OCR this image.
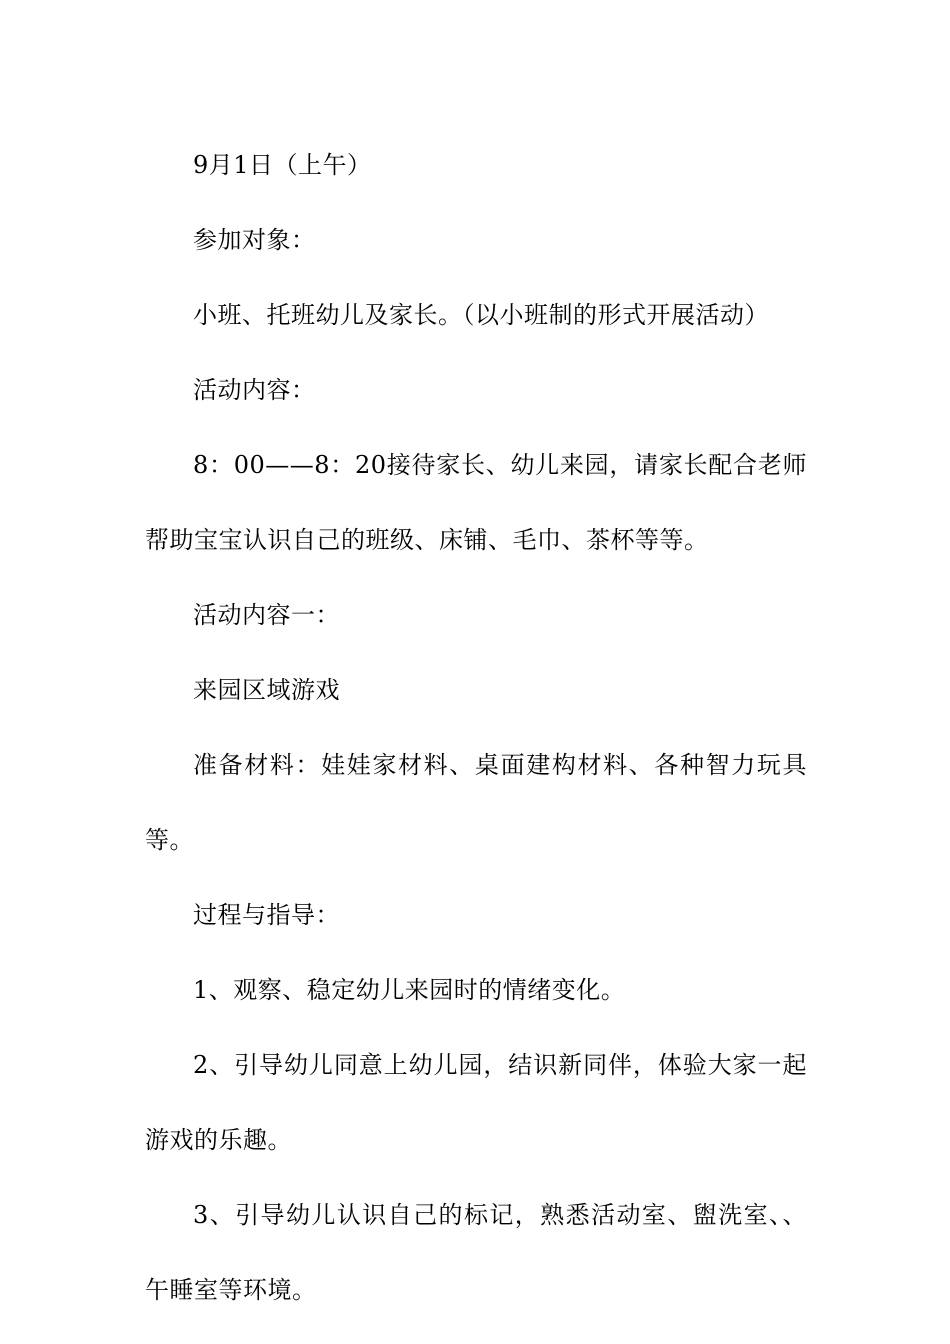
9月1日（上午）

参加对象：

小班、托班幼儿及家长。（以小班制的形式开展活动）

活动内容：

8：00——8：20接待家长、幼儿来园，请家长配合老师帮助宝宝认识自己的班级、床铺、毛巾、茶杯等等。

活动内容一：

来园区域游戏

准备材料：娃娃家材料、桌面建构材料、各种智力玩具等。

过程与指导：

1、观察、稳定幼儿来园时的情绪变化。

2、引导幼儿同意上幼儿园，结识新同伴，体验大家一起游戏的乐趣。

3、引导幼儿认识自己的标记，熟悉活动室、盥洗室、、午睡室等环境。
